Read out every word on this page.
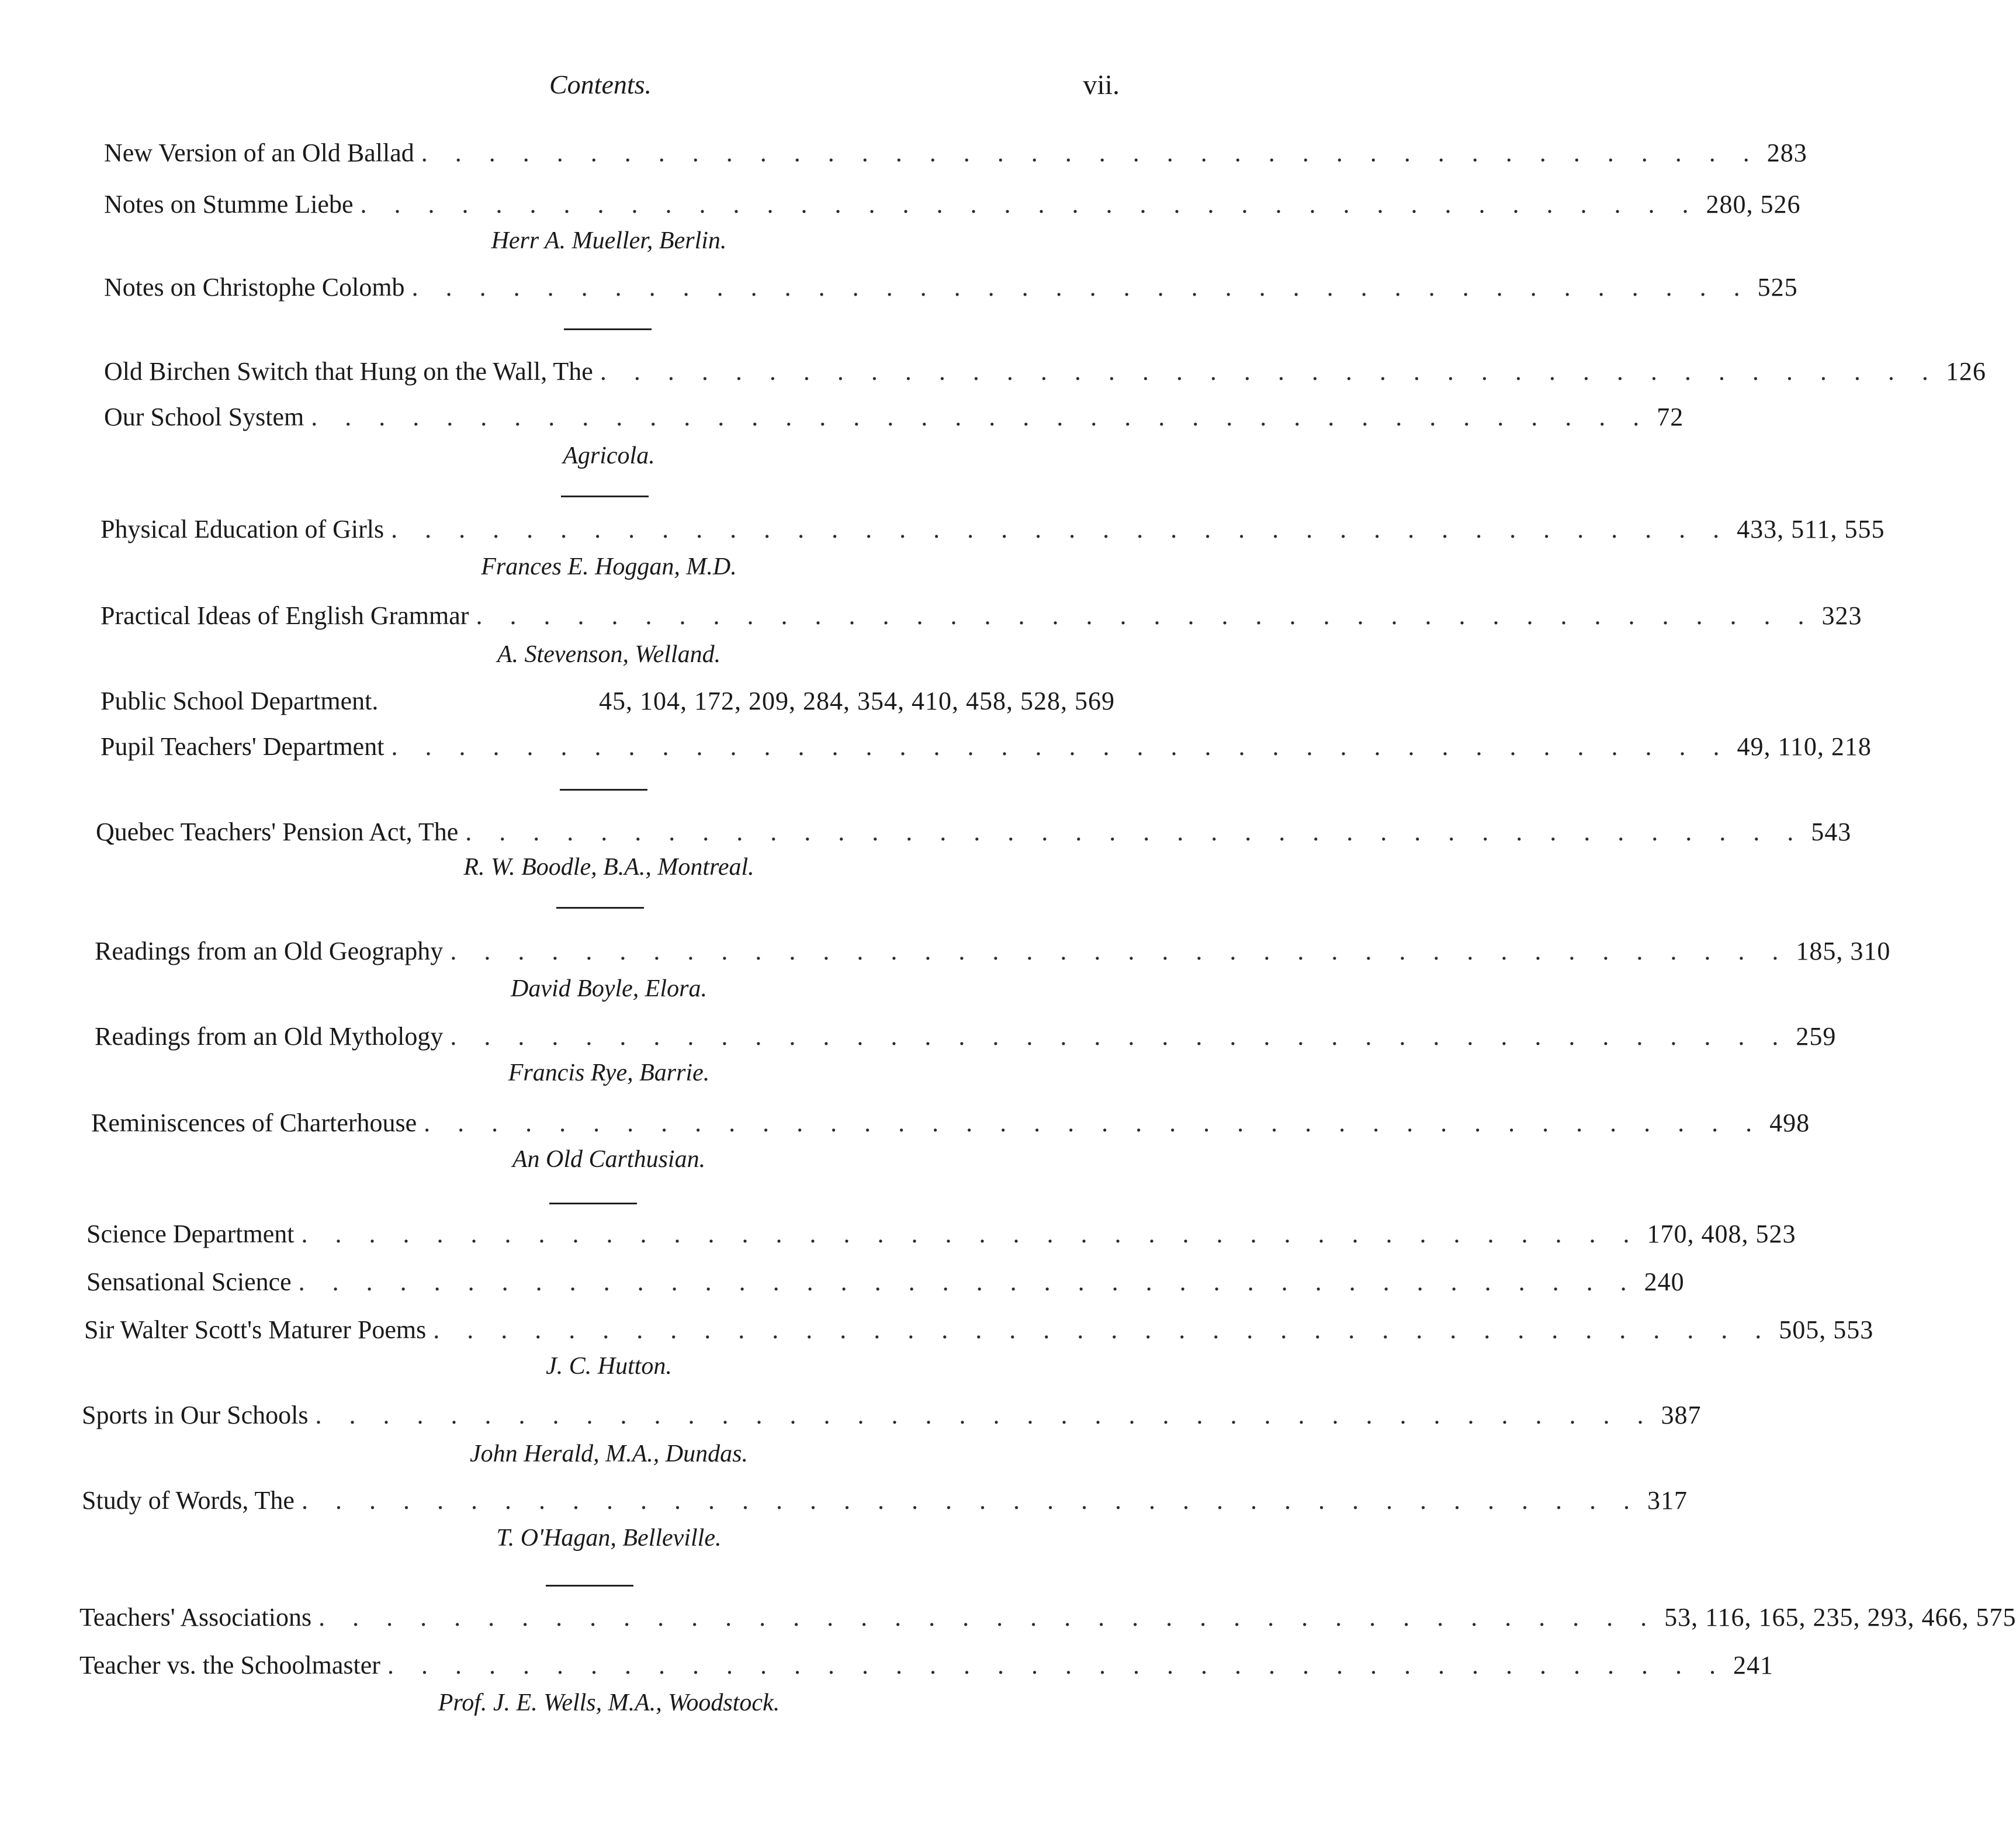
Contents.	vii.
New Version of an Old Ballad . . . . . . . . . . . . . . . . . . . . . . . . . . . . . . . . . . . . . . . . 283
Notes on Stumme Liebe . . . . . . . . . . . . . . . . . . . . . . . . . . . . . . . . . . . . . . . . 280, 526
Herr A. Mueller, Berlin.
Notes on Christophe Colomb . . . . . . . . . . . . . . . . . . . . . . . . . . . . . . . . . . . . . . . . 525
Old Birchen Switch that Hung on the Wall, The . . . . . . . . . . . . . . . . . . . . . . . . . . . . . . . . . . . . . . . . 126
Our School System . . . . . . . . . . . . . . . . . . . . . . . . . . . . . . . . . . . . . . . . 72
Agricola.
Physical Education of Girls . . . . . . . . . . . . . . . . . . . . . . . . . . . . . . . . . . . . . . . . 433, 511, 555
Frances E. Hoggan, M.D.
Practical Ideas of English Grammar . . . . . . . . . . . . . . . . . . . . . . . . . . . . . . . . . . . . . . . . 323
A. Stevenson, Welland.
Public School Department.	45, 104, 172, 209, 284, 354, 410, 458, 528, 569
Pupil Teachers' Department . . . . . . . . . . . . . . . . . . . . . . . . . . . . . . . . . . . . . . . . 49, 110, 218
Quebec Teachers' Pension Act, The . . . . . . . . . . . . . . . . . . . . . . . . . . . . . . . . . . . . . . . . 543
R. W. Boodle, B.A., Montreal.
Readings from an Old Geography . . . . . . . . . . . . . . . . . . . . . . . . . . . . . . . . . . . . . . . . 185, 310
David Boyle, Elora.
Readings from an Old Mythology . . . . . . . . . . . . . . . . . . . . . . . . . . . . . . . . . . . . . . . . 259
Francis Rye, Barrie.
Reminiscences of Charterhouse . . . . . . . . . . . . . . . . . . . . . . . . . . . . . . . . . . . . . . . . 498
An Old Carthusian.
Science Department . . . . . . . . . . . . . . . . . . . . . . . . . . . . . . . . . . . . . . . . 170, 408, 523
Sensational Science . . . . . . . . . . . . . . . . . . . . . . . . . . . . . . . . . . . . . . . . 240
Sir Walter Scott's Maturer Poems . . . . . . . . . . . . . . . . . . . . . . . . . . . . . . . . . . . . . . . . 505, 553
J. C. Hutton.
Sports in Our Schools . . . . . . . . . . . . . . . . . . . . . . . . . . . . . . . . . . . . . . . . 387
John Herald, M.A., Dundas.
Study of Words, The . . . . . . . . . . . . . . . . . . . . . . . . . . . . . . . . . . . . . . . . 317
T. O'Hagan, Belleville.
Teachers' Associations . . . . . . . . . . . . . . . . . . . . . . . . . . . . . . . . . . . . . . . . 53, 116, 165, 235, 293, 466, 575
Teacher vs. the Schoolmaster . . . . . . . . . . . . . . . . . . . . . . . . . . . . . . . . . . . . . . . . 241
Prof. J. E. Wells, M.A., Woodstock.
